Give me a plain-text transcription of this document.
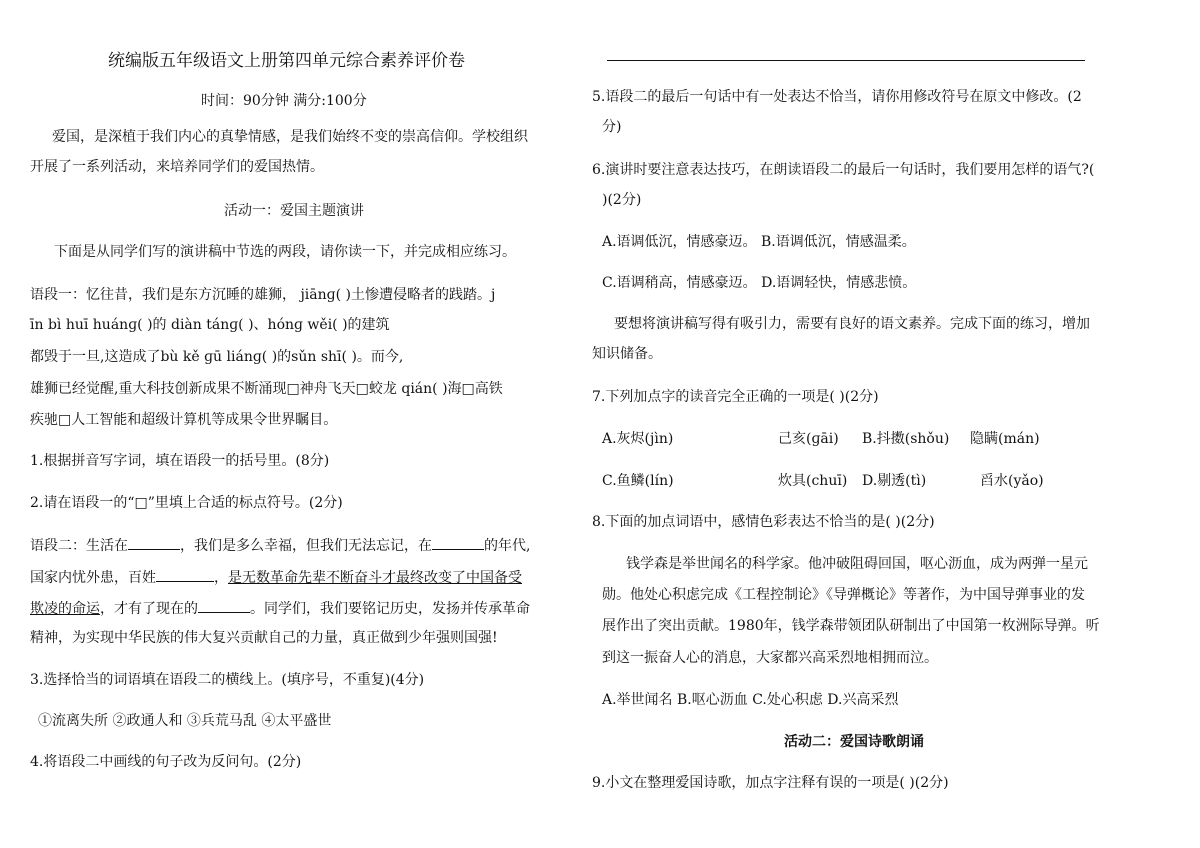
统编版五年级语文上册第四单元综合素养评价卷
时间：90分钟 满分:100分
爱国，是深植于我们内心的真挚情感，是我们始终不变的崇高信仰。学校组织
开展了一系列活动，来培养同学们的爱国热情。
活动一：爱国主题演讲
下面是从同学们写的演讲稿中节选的两段，请你读一下，并完成相应练习。
语段一：忆往昔，我们是东方沉睡的雄狮， jiānɡ( )土惨遭侵略者的践踏。j
īn bì huī huánɡ( )的 diàn tánɡ( )、hónɡ wěi( )的建筑
都毁于一旦,这造成了bù kě ɡū liánɡ( )的sǔn shī( )。而今,
雄狮已经觉醒,重大科技创新成果不断涌现□神舟飞天□蛟龙 qián( )海□高铁
疾驰□人工智能和超级计算机等成果令世界瞩目。
1.根据拼音写字词，填在语段一的括号里。(8分)
2.请在语段一的“□”里填上合适的标点符号。(2分)
语段二：生活在	，我们是多么幸福，但我们无法忘记，在	的年代,
国家内忧外患，百姓	，是无数革命先辈不断奋斗才最终改变了中国备受
欺凌的命运，才有了现在的	。同学们，我们要铭记历史，发扬并传承革命
精神，为实现中华民族的伟大复兴贡献自己的力量，真正做到少年强则国强!
3.选择恰当的词语填在语段二的横线上。(填序号，不重复)(4分)
①流离失所 ②政通人和 ③兵荒马乱 ④太平盛世
4.将语段二中画线的句子改为反问句。(2分)
5.语段二的最后一句话中有一处表达不恰当，请你用修改符号在原文中修改。(2
分)
6.演讲时要注意表达技巧，在朗读语段二的最后一句话时，我们要用怎样的语气?(
)(2分)
A.语调低沉，情感豪迈。 B.语调低沉，情感温柔。
C.语调稍高，情感豪迈。 D.语调轻快，情感悲愤。
要想将演讲稿写得有吸引力，需要有良好的语文素养。完成下面的练习，增加
知识储备。
7.下列加点字的读音完全正确的一项是( )(2分)
A.灰烬(jìn)	己亥(ɡāi) B.抖擞(shǒu) 隐瞒(mán)
C.鱼鳞(lín)	炊具(chuī) D.剔透(tì)	舀水(yǎo)
8.下面的加点词语中，感情色彩表达不恰当的是( )(2分)
钱学森是举世闻名的科学家。他冲破阻碍回国，呕心沥血，成为两弹一星元
勋。他处心积虑完成《工程控制论》《导弹概论》等著作，为中国导弹事业的发
展作出了突出贡献。1980年，钱学森带领团队研制出了中国第一枚洲际导弹。听
到这一振奋人心的消息，大家都兴高采烈地相拥而泣。
A.举世闻名 B.呕心沥血 C.处心积虑 D.兴高采烈
活动二：爱国诗歌朗诵
9.小文在整理爱国诗歌，加点字注释有误的一项是( )(2分)
